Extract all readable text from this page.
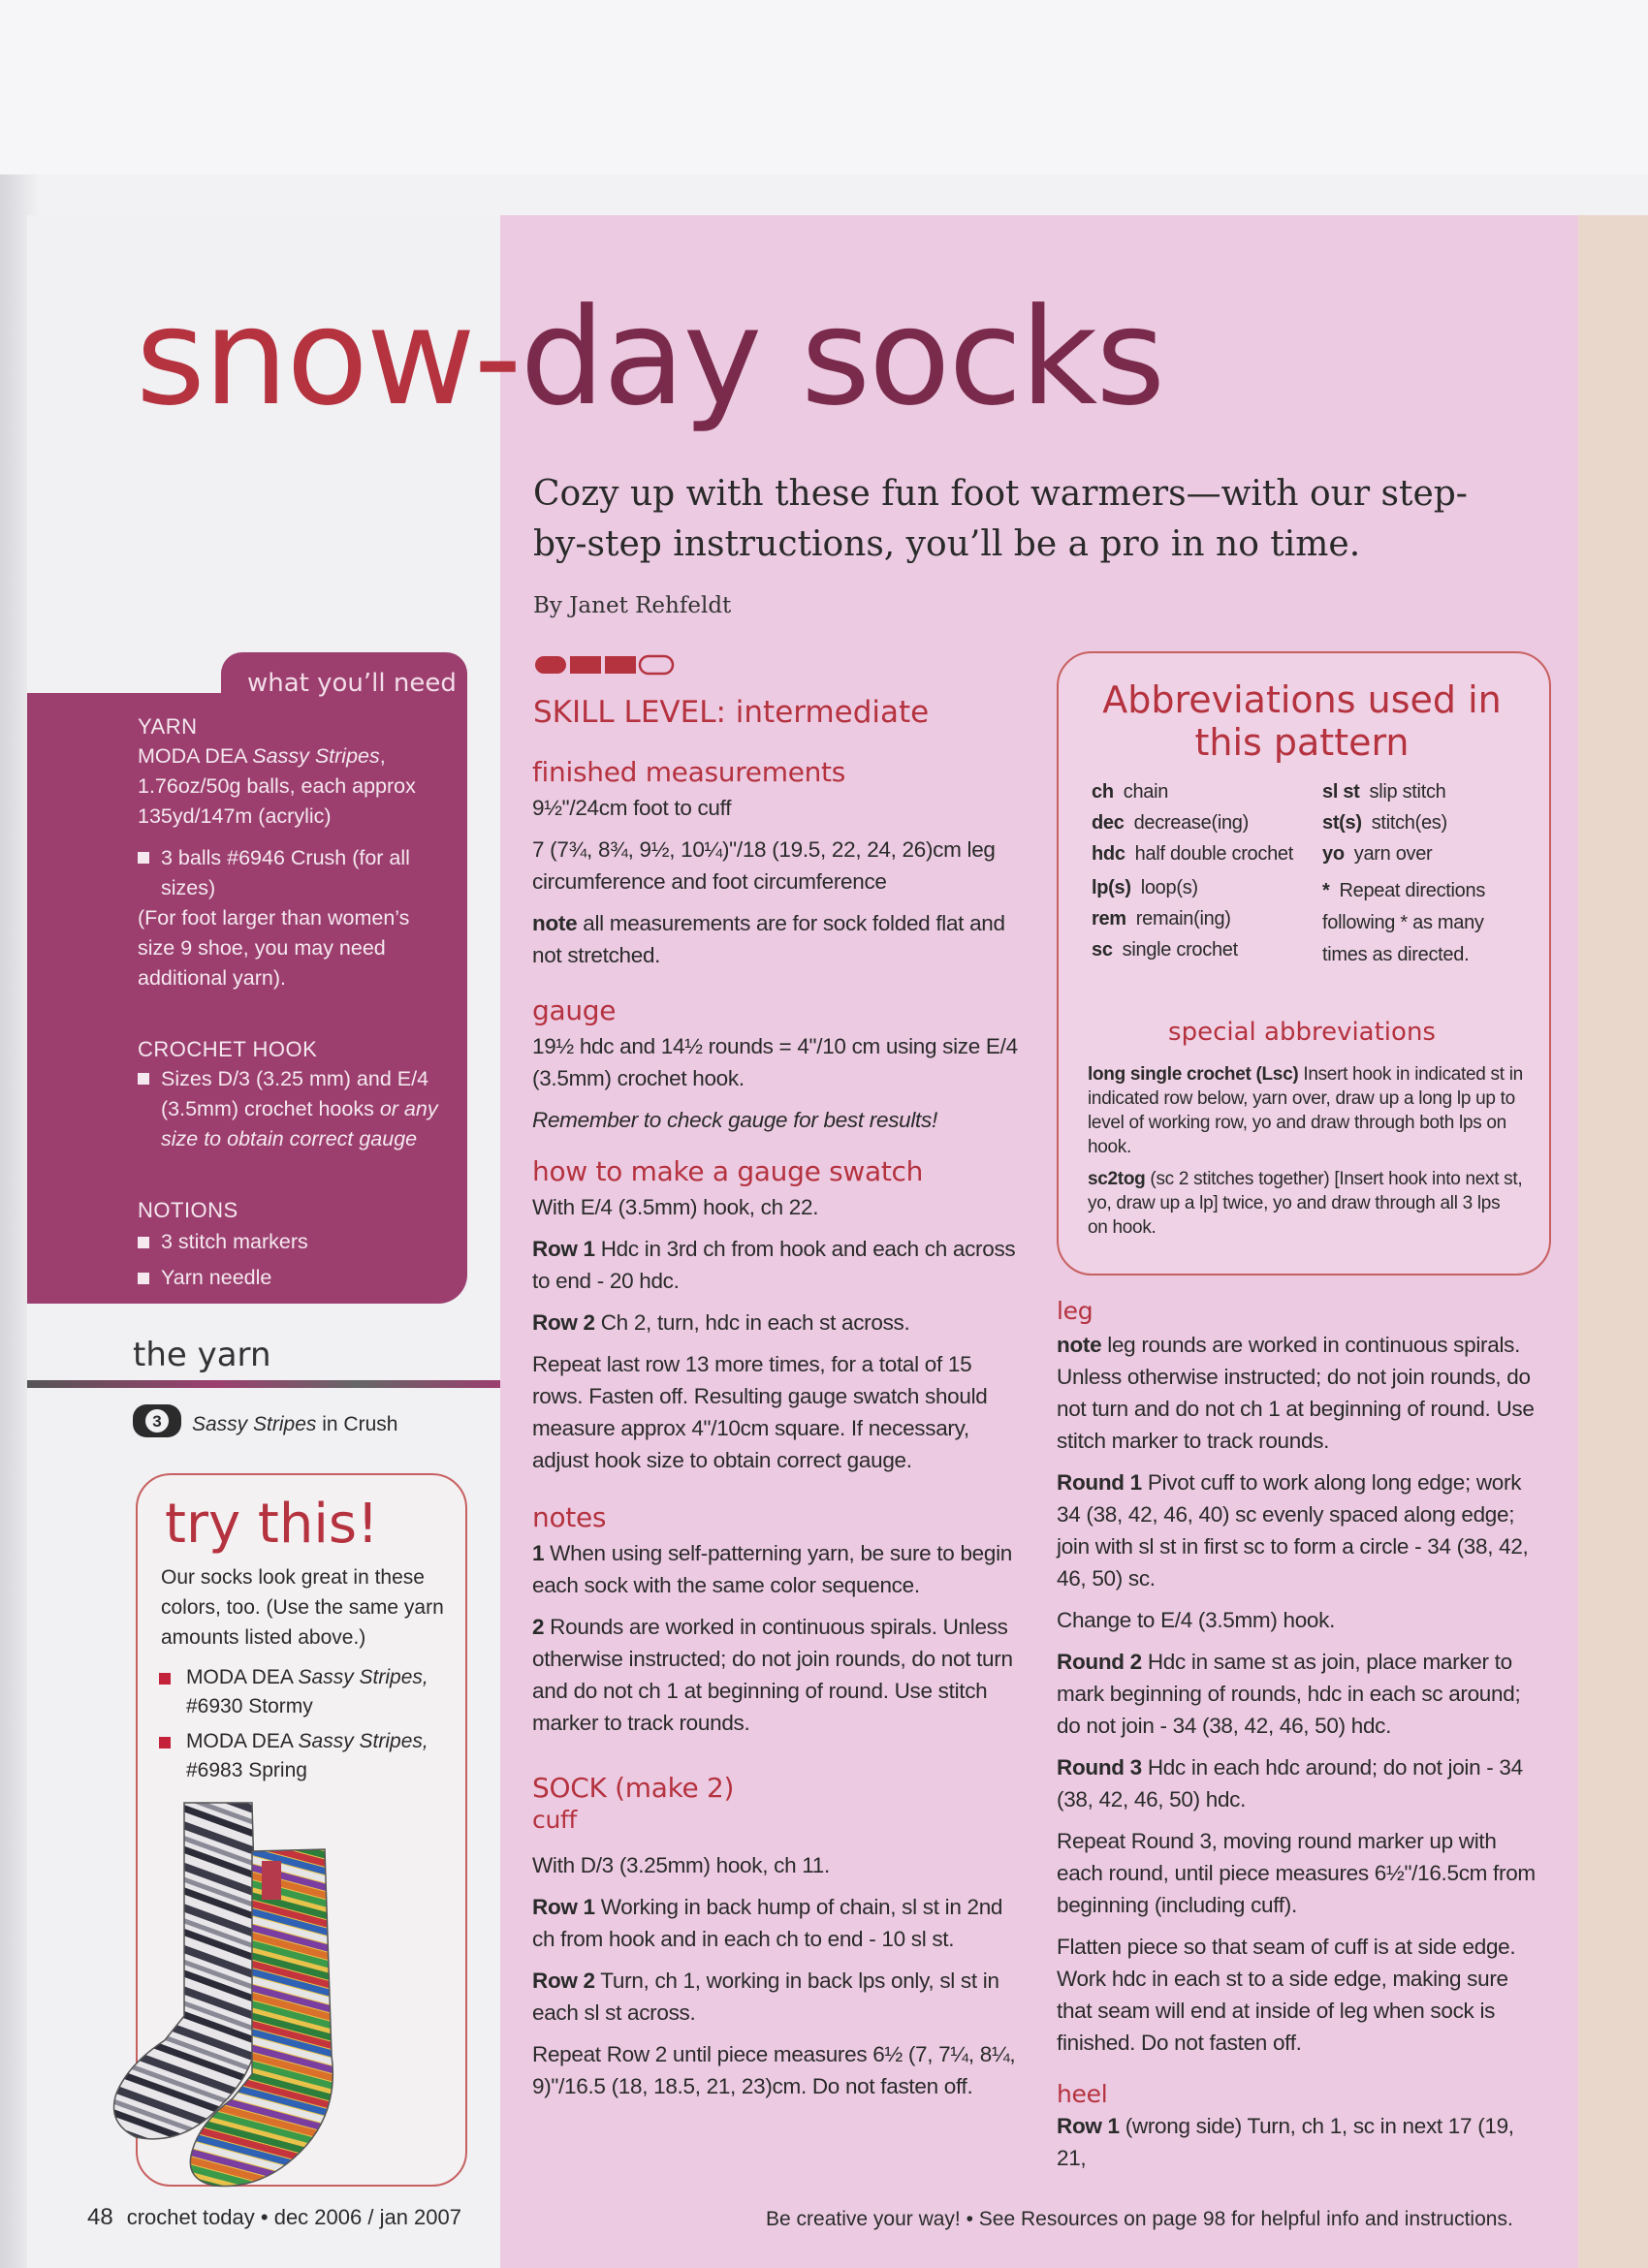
snow-day socks
Cozy up with these fun foot warmers—with our step-by-step instructions, you’ll be a pro in no time.
By Janet Rehfeldt
SKILL LEVEL: intermediate
finished measurements

9½"/24cm foot to cuff

7 (7¾, 8¾, 9½, 10¼)"/18 (19.5, 22, 24, 26)cm leg circumference and foot circumference

note all measurements are for sock folded flat and not stretched.

gauge

19½ hdc and 14½ rounds = 4"/10 cm using size E/4 (3.5mm) crochet hook.

Remember to check gauge for best results!

how to make a gauge swatch

With E/4 (3.5mm) hook, ch 22.

Row 1 Hdc in 3rd ch from hook and each ch across to end - 20 hdc.

Row 2 Ch 2, turn, hdc in each st across.

Repeat last row 13 more times, for a total of 15 rows. Fasten off. Resulting gauge swatch should measure approx 4"/10cm square. If necessary, adjust hook size to obtain correct gauge.

notes

1 When using self-patterning yarn, be sure to begin each sock with the same color sequence.

2 Rounds are worked in continuous spirals. Unless otherwise instructed; do not join rounds, do not turn and do not ch 1 at beginning of round. Use stitch marker to track rounds.

SOCK (make 2)
cuff

With D/3 (3.25mm) hook, ch 11.

Row 1 Working in back hump of chain, sl st in 2nd ch from hook and in each ch to end - 10 sl st.

Row 2 Turn, ch 1, working in back lps only, sl st in each sl st across.

Repeat Row 2 until piece measures 6½ (7, 7¼, 8¼, 9)"/16.5 (18, 18.5, 21, 23)cm. Do not fasten off.

what you’ll need
YARN
MODA DEA Sassy Stripes, 1.76oz/50g balls, each approx 135yd/147m (acrylic)
3 balls #6946 Crush (for all sizes)
(For foot larger than women’s size 9 shoe, you may need additional yarn).
CROCHET HOOK
Sizes D/3 (3.25 mm) and E/4 (3.5mm) crochet hooks or any size to obtain correct gauge
NOTIONS
3 stitch markers
Yarn needle
the yarn
3 Sassy Stripes in Crush
try this!
Our socks look great in these colors, too. (Use the same yarn amounts listed above.)
MODA DEA Sassy Stripes,
#6930 Stormy
MODA DEA Sassy Stripes,
#6983 Spring
Abbreviations used in this pattern
ch chain
dec decrease(ing)
hdc half double crochet
lp(s) loop(s)
rem remain(ing)
sc single crochet
sl st slip stitch
st(s) stitch(es)
yo yarn over
* Repeat directions following * as many times as directed.
special abbreviations
long single crochet (Lsc) Insert hook in indicated st in indicated row below, yarn over, draw up a long lp up to level of working row, yo and draw through both lps on hook.
sc2tog (sc 2 stitches together) [Insert hook into next st, yo, draw up a lp] twice, yo and draw through all 3 lps on hook.
leg

note leg rounds are worked in continuous spirals. Unless otherwise instructed; do not join rounds, do not turn and do not ch 1 at beginning of round. Use stitch marker to track rounds.

Round 1 Pivot cuff to work along long edge; work 34 (38, 42, 46, 40) sc evenly spaced along edge; join with sl st in first sc to form a circle - 34 (38, 42, 46, 50) sc.

Change to E/4 (3.5mm) hook.

Round 2 Hdc in same st as join, place marker to mark beginning of rounds, hdc in each sc around; do not join - 34 (38, 42, 46, 50) hdc.

Round 3 Hdc in each hdc around; do not join - 34 (38, 42, 46, 50) hdc.

Repeat Round 3, moving round marker up with each round, until piece measures 6½"/16.5cm from beginning (including cuff).

Flatten piece so that seam of cuff is at side edge. Work hdc in each st to a side edge, making sure that seam will end at inside of leg when sock is finished. Do not fasten off.

heel

Row 1 (wrong side) Turn, ch 1, sc in next 17 (19, 21,

48 crochet today • dec 2006 / jan 2007	Be creative your way! • See Resources on page 98 for helpful info and instructions.
